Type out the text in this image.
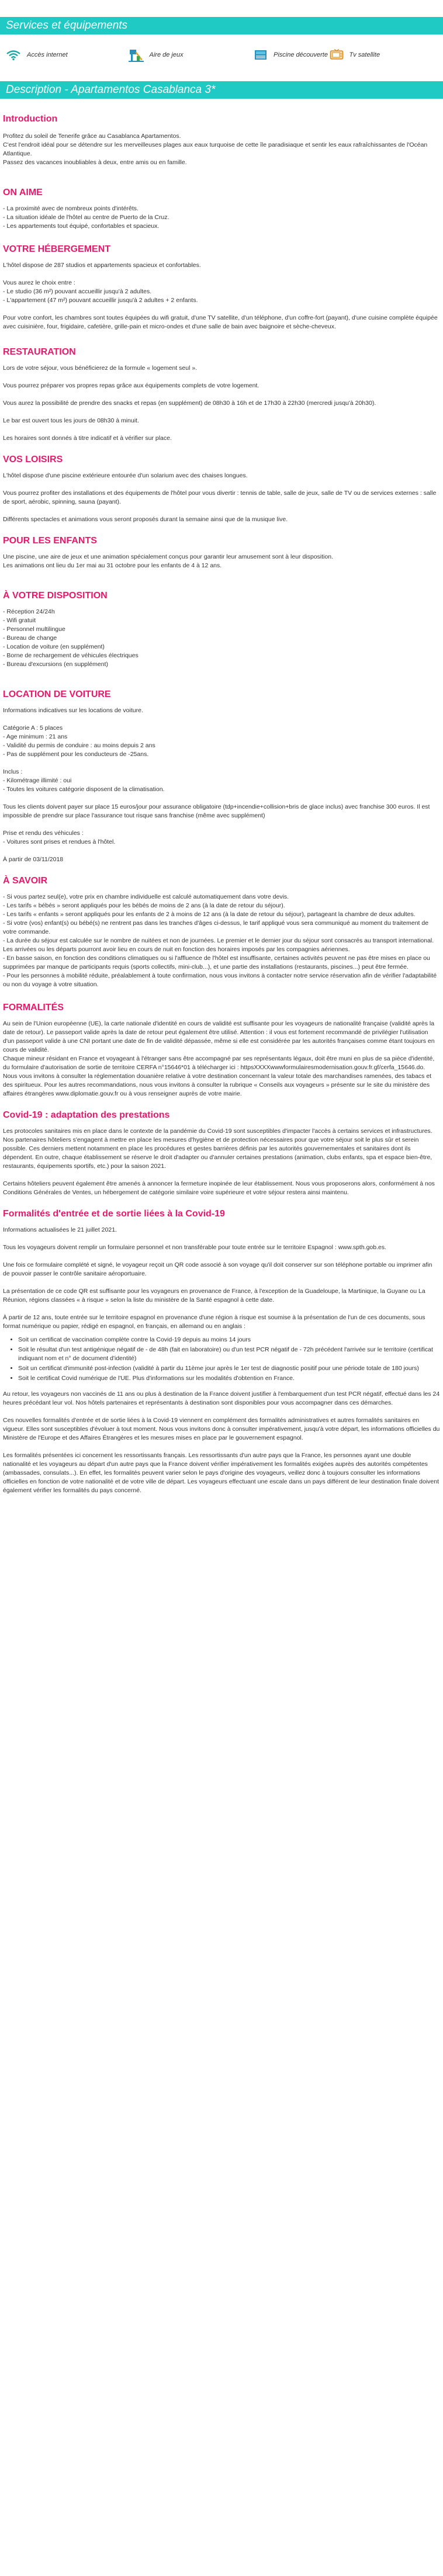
Services et équipements
Accès internet	Aire de jeux	Piscine découverte	Tv satellite
Description - Apartamentos Casablanca 3*
Introduction
Profitez du soleil de Tenerife grâce au Casablanca Apartamentos.
C'est l'endroit idéal pour se détendre sur les merveilleuses plages aux eaux turquoise de cette île paradisiaque et sentir les eaux rafraîchissantes de l'Océan Atlantique.
Passez des vacances inoubliables à deux, entre amis ou en famille.
ON AIME
- La proximité avec de nombreux points d'intérêts.
- La situation idéale de l'hôtel au centre de Puerto de la Cruz.
- Les appartements tout équipé, confortables et spacieux.
VOTRE HÉBERGEMENT
L'hôtel dispose de 287 studios et appartements spacieux et confortables.
Vous aurez le choix entre :
- Le studio (36 m²) pouvant accueillir jusqu'à 2 adultes.
- L'appartement (47 m²) pouvant accueillir jusqu'à 2 adultes + 2 enfants.
Pour votre confort, les chambres sont toutes équipées du wifi gratuit, d'une TV satellite, d'un téléphone, d'un coffre-fort (payant), d'une cuisine complète équipée avec cuisinière, four, frigidaire, cafetière, grille-pain et micro-ondes et d'une salle de bain avec baignoire et sèche-cheveux.
RESTAURATION
Lors de votre séjour, vous bénéficierez de la formule « logement seul ».
Vous pourrez préparer vos propres repas grâce aux équipements complets de votre logement.
Vous aurez la possibilité de prendre des snacks et repas (en supplément) de 08h30 à 16h et de 17h30 à 22h30 (mercredi jusqu'à 20h30).
Le bar est ouvert tous les jours de 08h30 à minuit.
Les horaires sont donnés à titre indicatif et à vérifier sur place.
VOS LOISIRS
L'hôtel dispose d'une piscine extérieure entourée d'un solarium avec des chaises longues.
Vous pourrez profiter des installations et des équipements de l'hôtel pour vous divertir : tennis de table, salle de jeux, salle de TV ou de services externes : salle de sport, aérobic, spinning, sauna (payant).
Différents spectacles et animations vous seront proposés durant la semaine ainsi que de la musique live.
POUR LES ENFANTS
Une piscine, une aire de jeux et une animation spécialement conçus pour garantir leur amusement sont à leur disposition.
Les animations ont lieu du 1er mai au 31 octobre pour les enfants de 4 à 12 ans.
À VOTRE DISPOSITION
- Réception 24/24h
- Wifi gratuit
- Personnel multilingue
- Bureau de change
- Location de voiture (en supplément)
- Borne de rechargement de véhicules électriques
- Bureau d'excursions (en supplément)
LOCATION DE VOITURE
Informations indicatives sur les locations de voiture.
Catégorie A : 5 places
- Age minimum : 21 ans
- Validité du permis de conduire : au moins depuis 2 ans
- Pas de supplément pour les conducteurs de -25ans.
Inclus :
- Kilométrage illimité : oui
- Toutes les voitures catégorie disposent de la climatisation.
Tous les clients doivent payer sur place 15 euros/jour pour assurance obligatoire (tdp+incendie+collision+bris de glace inclus) avec franchise 300 euros. Il est impossible de prendre sur place l'assurance tout risque sans franchise (même avec supplément)
Prise et rendu des véhicules :
- Voitures sont prises et rendues à l'hôtel.
À partir de 03/11/2018
À SAVOIR
- Si vous partez seul(e), votre prix en chambre individuelle est calculé automatiquement dans votre devis.
- Les tarifs « bébés » seront appliqués pour les bébés de moins de 2 ans (à la date de retour du séjour).
- Les tarifs « enfants » seront appliqués pour les enfants de 2 à moins de 12 ans (à la date de retour du séjour), partageant la chambre de deux adultes.
- Si votre (vos) enfant(s) ou bébé(s) ne rentrent pas dans les tranches d'âges ci-dessus, le tarif appliqué vous sera communiqué au moment du traitement de votre commande.
- La durée du séjour est calculée sur le nombre de nuitées et non de journées. Le premier et le dernier jour du séjour sont consacrés au transport international. Les arrivées ou les départs pourront avoir lieu en cours de nuit en fonction des horaires imposés par les compagnies aériennes.
- En basse saison, en fonction des conditions climatiques ou si l'affluence de l'hôtel est insuffisante, certaines activités peuvent ne pas être mises en place ou supprimées par manque de participants requis (sports collectifs, mini-club...), et une partie des installations (restaurants, piscines...) peut être fermée.
- Pour les personnes à mobilité réduite, préalablement à toute confirmation, nous vous invitons à contacter notre service réservation afin de vérifier l'adaptabilité ou non du voyage à votre situation.
FORMALITÉS
Au sein de l'Union européenne (UE), la carte nationale d'identité en cours de validité est suffisante pour les voyageurs de nationalité française (validité après la date de retour). Le passeport valide après la date de retour peut également être utilisé. Attention : il vous est fortement recommandé de privilégier l'utilisation d'un passeport valide à une CNI portant une date de fin de validité dépassée, même si elle est considérée par les autorités françaises comme étant toujours en cours de validité.
Chaque mineur résidant en France et voyageant à l'étranger sans être accompagné par ses représentants légaux, doit être muni en plus de sa pièce d'identité, du formulaire d'autorisation de sortie de territoire CERFA n°15646*01 à télécharger ici : httpsXXXXwwwformulairesmodernisation.gouv.fr.gf/cerfa_15646.do.
Nous vous invitons à consulter la réglementation douanière relative à votre destination concernant la valeur totale des marchandises ramenées, des tabacs et des spiritueux. Pour les autres recommandations, nous vous invitons à consulter la rubrique « Conseils aux voyageurs » présente sur le site du ministère des affaires étrangères www.diplomatie.gouv.fr ou à vous renseigner auprès de votre mairie.
Covid-19 : adaptation des prestations
Les protocoles sanitaires mis en place dans le contexte de la pandémie du Covid-19 sont susceptibles d'impacter l'accès à certains services et infrastructures. Nos partenaires hôteliers s'engagent à mettre en place les mesures d'hygiène et de protection nécessaires pour que votre séjour soit le plus sûr et serein possible. Ces derniers mettent notamment en place les procédures et gestes barrières définis par les autorités gouvernementales et sanitaires dont ils dépendent. En outre, chaque établissement se réserve le droit d'adapter ou d'annuler certaines prestations (animation, clubs enfants, spa et espace bien-être, restaurants, équipements sportifs, etc.) pour la saison 2021.
Certains hôteliers peuvent également être amenés à annoncer la fermeture inopinée de leur établissement. Nous vous proposerons alors, conformément à nos Conditions Générales de Ventes, un hébergement de catégorie similaire voire supérieure et votre séjour restera ainsi maintenu.
Formalités d'entrée et de sortie liées à la Covid-19
Informations actualisées le 21 juillet 2021.
Tous les voyageurs doivent remplir un formulaire personnel et non transférable pour toute entrée sur le territoire Espagnol : www.spth.gob.es.
Une fois ce formulaire complété et signé, le voyageur reçoit un QR code associé à son voyage qu'il doit conserver sur son téléphone portable ou imprimer afin de pouvoir passer le contrôle sanitaire aéroportuaire.
La présentation de ce code QR est suffisante pour les voyageurs en provenance de France, à l'exception de la Guadeloupe, la Martinique, la Guyane ou La Réunion, régions classées « à risque » selon la liste du ministère de la Santé espagnol à cette date.
À partir de 12 ans, toute entrée sur le territoire espagnol en provenance d'une région à risque est soumise à la présentation de l'un de ces documents, sous format numérique ou papier, rédigé en espagnol, en français, en allemand ou en anglais :
• Soit un certificat de vaccination complète contre la Covid-19 depuis au moins 14 jours
• Soit le résultat d'un test antigénique négatif de - de 48h (fait en laboratoire) ou d'un test PCR négatif de - 72h précédent l'arrivée sur le territoire (certificat indiquant nom et n° de document d'identité)
• Soit un certificat d'immunité post-infection (validité à partir du 11ème jour après le 1er test de diagnostic positif pour une période totale de 180 jours)
• Soit le certificat Covid numérique de l'UE. Plus d'informations sur les modalités d'obtention en France.
Au retour, les voyageurs non vaccinés de 11 ans ou plus à destination de la France doivent justifier à l'embarquement d'un test PCR négatif, effectué dans les 24 heures précédant leur vol. Nos hôtels partenaires et représentants à destination sont disponibles pour vous accompagner dans ces démarches.
Ces nouvelles formalités d'entrée et de sortie liées à la Covid-19 viennent en complément des formalités administratives et autres formalités sanitaires en vigueur. Elles sont susceptibles d'évoluer à tout moment. Nous vous invitons donc à consulter impérativement, jusqu'à votre départ, les informations officielles du Ministère de l'Europe et des Affaires Étrangères et les mesures mises en place par le gouvernement espagnol.
Les formalités présentées ici concernent les ressortissants français. Les ressortissants d'un autre pays que la France, les personnes ayant une double nationalité et les voyageurs au départ d'un autre pays que la France doivent vérifier impérativement les formalités exigées auprès des autorités compétentes (ambassades, consulats...). En effet, les formalités peuvent varier selon le pays d'origine des voyageurs, veillez donc à toujours consulter les informations officielles en fonction de votre nationalité et de votre ville de départ. Les voyageurs effectuant une escale dans un pays différent de leur destination finale doivent également vérifier les formalités du pays concerné.
